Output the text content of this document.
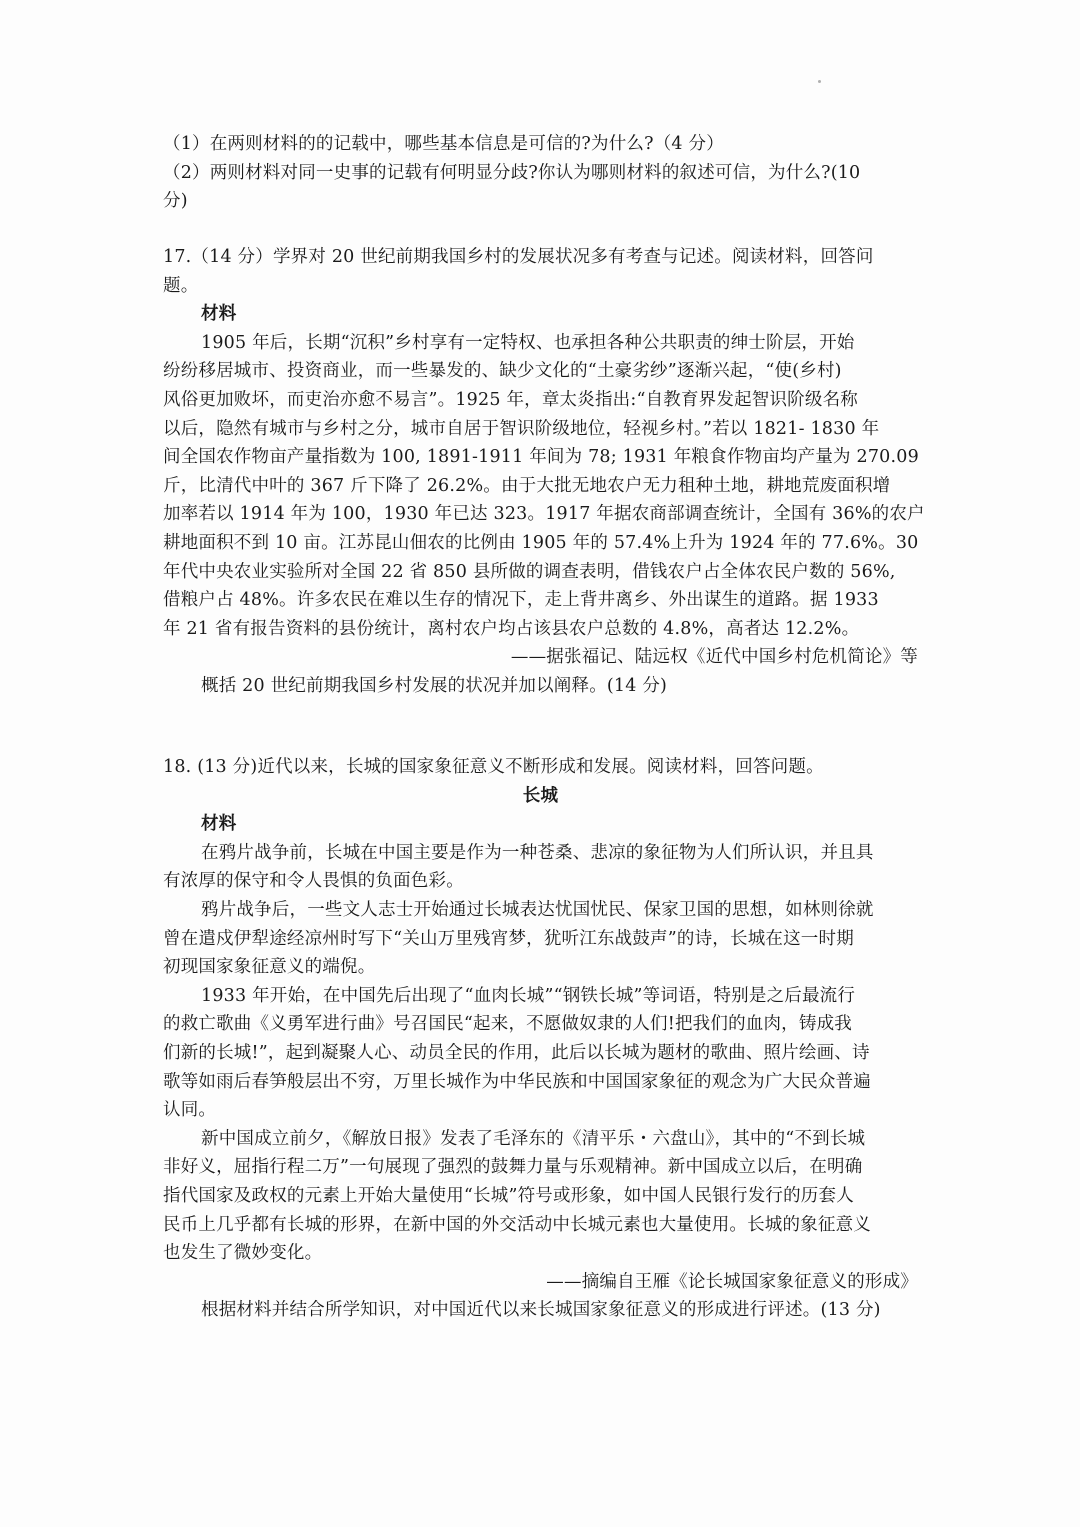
（1）在两则材料的的记载中，哪些基本信息是可信的?为什么?（4 分）
（2）两则材料对同一史事的记载有何明显分歧?你认为哪则材料的叙述可信，为什么?(10
分)
17.（14 分）学界对 20 世纪前期我国乡村的发展状况多有考查与记述。阅读材料，回答问
题。
材料
1905 年后，长期“沉积”乡村享有一定特权、也承担各种公共职责的绅士阶层，开始
纷纷移居城市、投资商业，而一些暴发的、缺少文化的“土豪劣纱”逐渐兴起，“使(乡村)
风俗更加败坏，而吏治亦愈不易言”。1925 年，章太炎指出:“自教育界发起智识阶级名称
以后，隐然有城市与乡村之分，城市自居于智识阶级地位，轻视乡村。”若以 1821- 1830 年
间全国农作物亩产量指数为 100, 1891-1911 年间为 78; 1931 年粮食作物亩均产量为 270.09
斤，比清代中叶的 367 斤下降了 26.2%。由于大批无地农户无力租种土地，耕地荒废面积增
加率若以 1914 年为 100，1930 年已达 323。1917 年据农商部调查统计，全国有 36%的农户
耕地面积不到 10 亩。江苏昆山佃农的比例由 1905 年的 57.4%上升为 1924 年的 77.6%。30
年代中央农业实验所对全国 22 省 850 县所做的调查表明，借钱农户占全体农民户数的 56%,
借粮户占 48%。许多农民在难以生存的情况下，走上背井离乡、外出谋生的道路。据 1933
年 21 省有报告资料的县份统计，离村农户均占该县农户总数的 4.8%，高者达 12.2%。
——据张福记、陆远权《近代中国乡村危机简论》等
概括 20 世纪前期我国乡村发展的状况并加以阐释。(14 分)
18. (13 分)近代以来，长城的国家象征意义不断形成和发展。阅读材料，回答问题。
长城
材料
在鸦片战争前，长城在中国主要是作为一种苍桑、悲凉的象征物为人们所认识，并且具
有浓厚的保守和令人畏惧的负面色彩。
鸦片战争后，一些文人志士开始通过长城表达忧国忧民、保家卫国的思想，如林则徐就
曾在遣戍伊犁途经凉州时写下“关山万里残宵梦，犹听江东战鼓声”的诗，长城在这一时期
初现国家象征意义的端倪。
1933 年开始，在中国先后出现了“血肉长城”“钢铁长城”等词语，特别是之后最流行
的救亡歌曲《义勇军进行曲》号召国民“起来，不愿做奴隶的人们!把我们的血肉，铸成我
们新的长城!”，起到凝聚人心、动员全民的作用，此后以长城为题材的歌曲、照片绘画、诗
歌等如雨后春笋般层出不穷，万里长城作为中华民族和中国国家象征的观念为广大民众普遍
认同。
新中国成立前夕，《解放日报》发表了毛泽东的《清平乐・六盘山》，其中的“不到长城
非好义，屈指行程二万”一句展现了强烈的鼓舞力量与乐观精神。新中国成立以后，在明确
指代国家及政权的元素上开始大量使用“长城”符号或形象，如中国人民银行发行的历套人
民币上几乎都有长城的形界，在新中国的外交活动中长城元素也大量使用。长城的象征意义
也发生了微妙变化。
——摘编自王雁《论长城国家象征意义的形成》
根据材料并结合所学知识，对中国近代以来长城国家象征意义的形成进行评述。(13 分)
